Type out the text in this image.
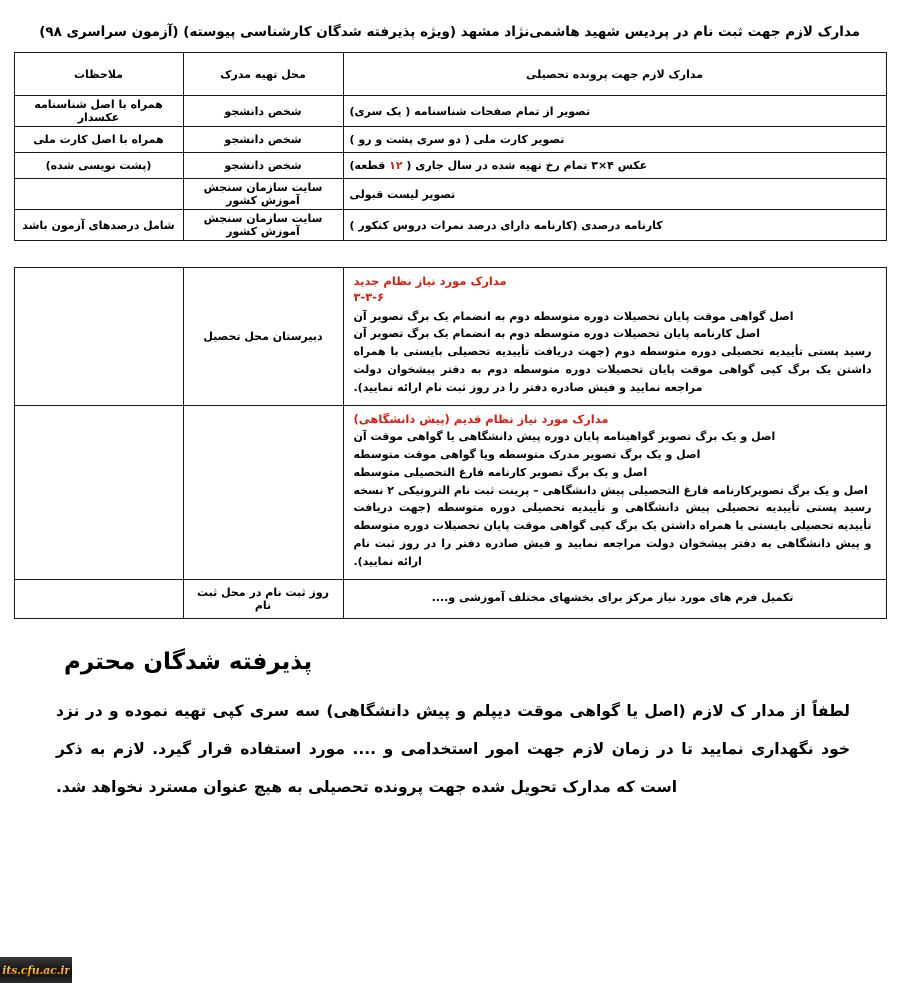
مدارک لازم جهت ثبت نام در پردیس شهید هاشمی‌نژاد مشهد (ویژه پذیرفته شدگان کارشناسی پیوسته) (آزمون سراسری ۹۸)
مدارک لازم جهت پرونده تحصیلی	محل تهیه مدرک	ملاحظات
تصویر از تمام صفحات شناسنامه ( یک سری)	شخص دانشجو	همراه با اصل شناسنامه عکسدار
تصویر کارت ملی ( دو سری پشت و رو )	شخص دانشجو	همراه با اصل کارت ملی
عکس ۴×۳ تمام رخ تهیه شده در سال جاری ( ۱۲ قطعه)	شخص دانشجو	(پشت نویسی شده)
تصویر لیست قبولی	سایت سازمان سنجش آموزش کشور	
کارنامه درصدی (کارنامه دارای درصد نمرات دروس کنکور )	سایت سازمان سنجش آموزش کشور	شامل درصدهای آزمون باشد
مدارک مورد نیاز نظام جدید
۳-۳-۶
اصل گواهی موقت پایان تحصیلات دوره متوسطه دوم به انضمام یک برگ تصویر آن
اصل کارنامه پایان تحصیلات دوره متوسطه دوم به انضمام یک برگ تصویر آن
رسید پستی تأییدیه تحصیلی دوره متوسطه دوم (جهت دریافت تأییدیه تحصیلی بایستی با همراه داشتن یک برگ کپی گواهی موقت پایان تحصیلات دوره متوسطه دوم به دفتر پیشخوان دولت مراجعه نمایید و فیش صادره دفتر را در روز ثبت نام ارائه نمایید).	دبیرستان محل تحصیل	

مدارک مورد نیاز نظام قدیم (پیش دانشگاهی)
اصل و یک برگ تصویر گواهینامه پایان دوره پیش دانشگاهی یا گواهی موقت آن
اصل و یک برگ تصویر مدرک متوسطه ویا گواهی موقت متوسطه
اصل و یک برگ تصویر کارنامه فارغ التحصیلی متوسطه
اصل و یک برگ تصویرکارنامه فارغ التحصیلی پیش دانشگاهی – پرینت ثبت نام الترونیکی ۲ نسخه
رسید پستی تأییدیه تحصیلی پیش دانشگاهی و تأییدیه تحصیلی دوره متوسطه (جهت دریافت تأییدیه تحصیلی بایستی با همراه داشتن یک برگ کپی گواهی موقت پایان تحصیلات دوره متوسطه و پیش دانشگاهی به دفتر پیشخوان دولت مراجعه نمایید و فیش صادره دفتر را در روز ثبت نام ارائه نمایید).

تکمیل فرم های مورد نیاز مرکز برای بخشهای مختلف آموزشی و....	روز ثبت نام در محل ثبت نام	
پذیرفته شدگان محترم
لطفاً از مدار ک لازم (اصل یا گواهی موقت دیپلم و پیش دانشگاهی) سه سری کپی تهیه نموده و در نزد خود نگهداری نمایید تا در زمان لازم جهت امور استخدامی و .... مورد استفاده قرار گیرد. لازم به ذکر است که مدارک تحویل شده جهت پرونده تحصیلی به هیچ عنوان مسترد نخواهد شد.
its.cfu.ac.ir
